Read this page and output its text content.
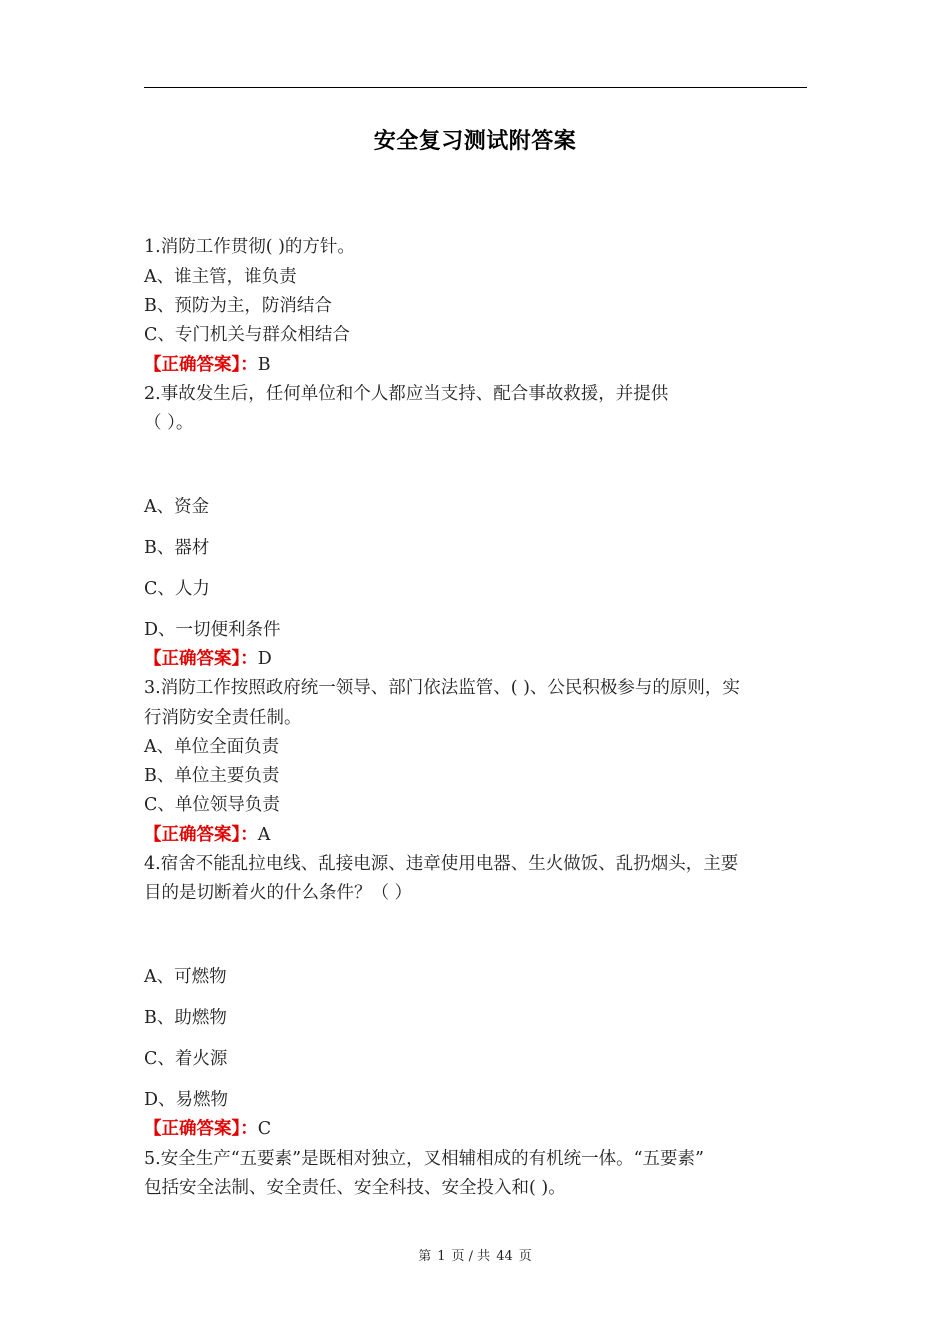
安全复习测试附答案
1.消防工作贯彻( )的方针。
A、谁主管，谁负责
B、预防为主，防消结合
C、专门机关与群众相结合
【正确答案】：B
2.事故发生后，任何单位和个人都应当支持、配合事故救援，并提供
（ ）。
A、资金
B、器材
C、人力
D、一切便利条件
【正确答案】：D
3.消防工作按照政府统一领导、部门依法监管、( )、公民积极参与的原则，实
行消防安全责任制。
A、单位全面负责
B、单位主要负责
C、单位领导负责
【正确答案】：A
4.宿舍不能乱拉电线、乱接电源、违章使用电器、生火做饭、乱扔烟头，主要
目的是切断着火的什么条件？（ ）
A、可燃物
B、助燃物
C、着火源
D、易燃物
【正确答案】：C
5.安全生产“五要素”是既相对独立，叉相辅相成的有机统一体。“五要素”
包括安全法制、安全责任、安全科技、安全投入和( )。
第 1 页 / 共 44 页
